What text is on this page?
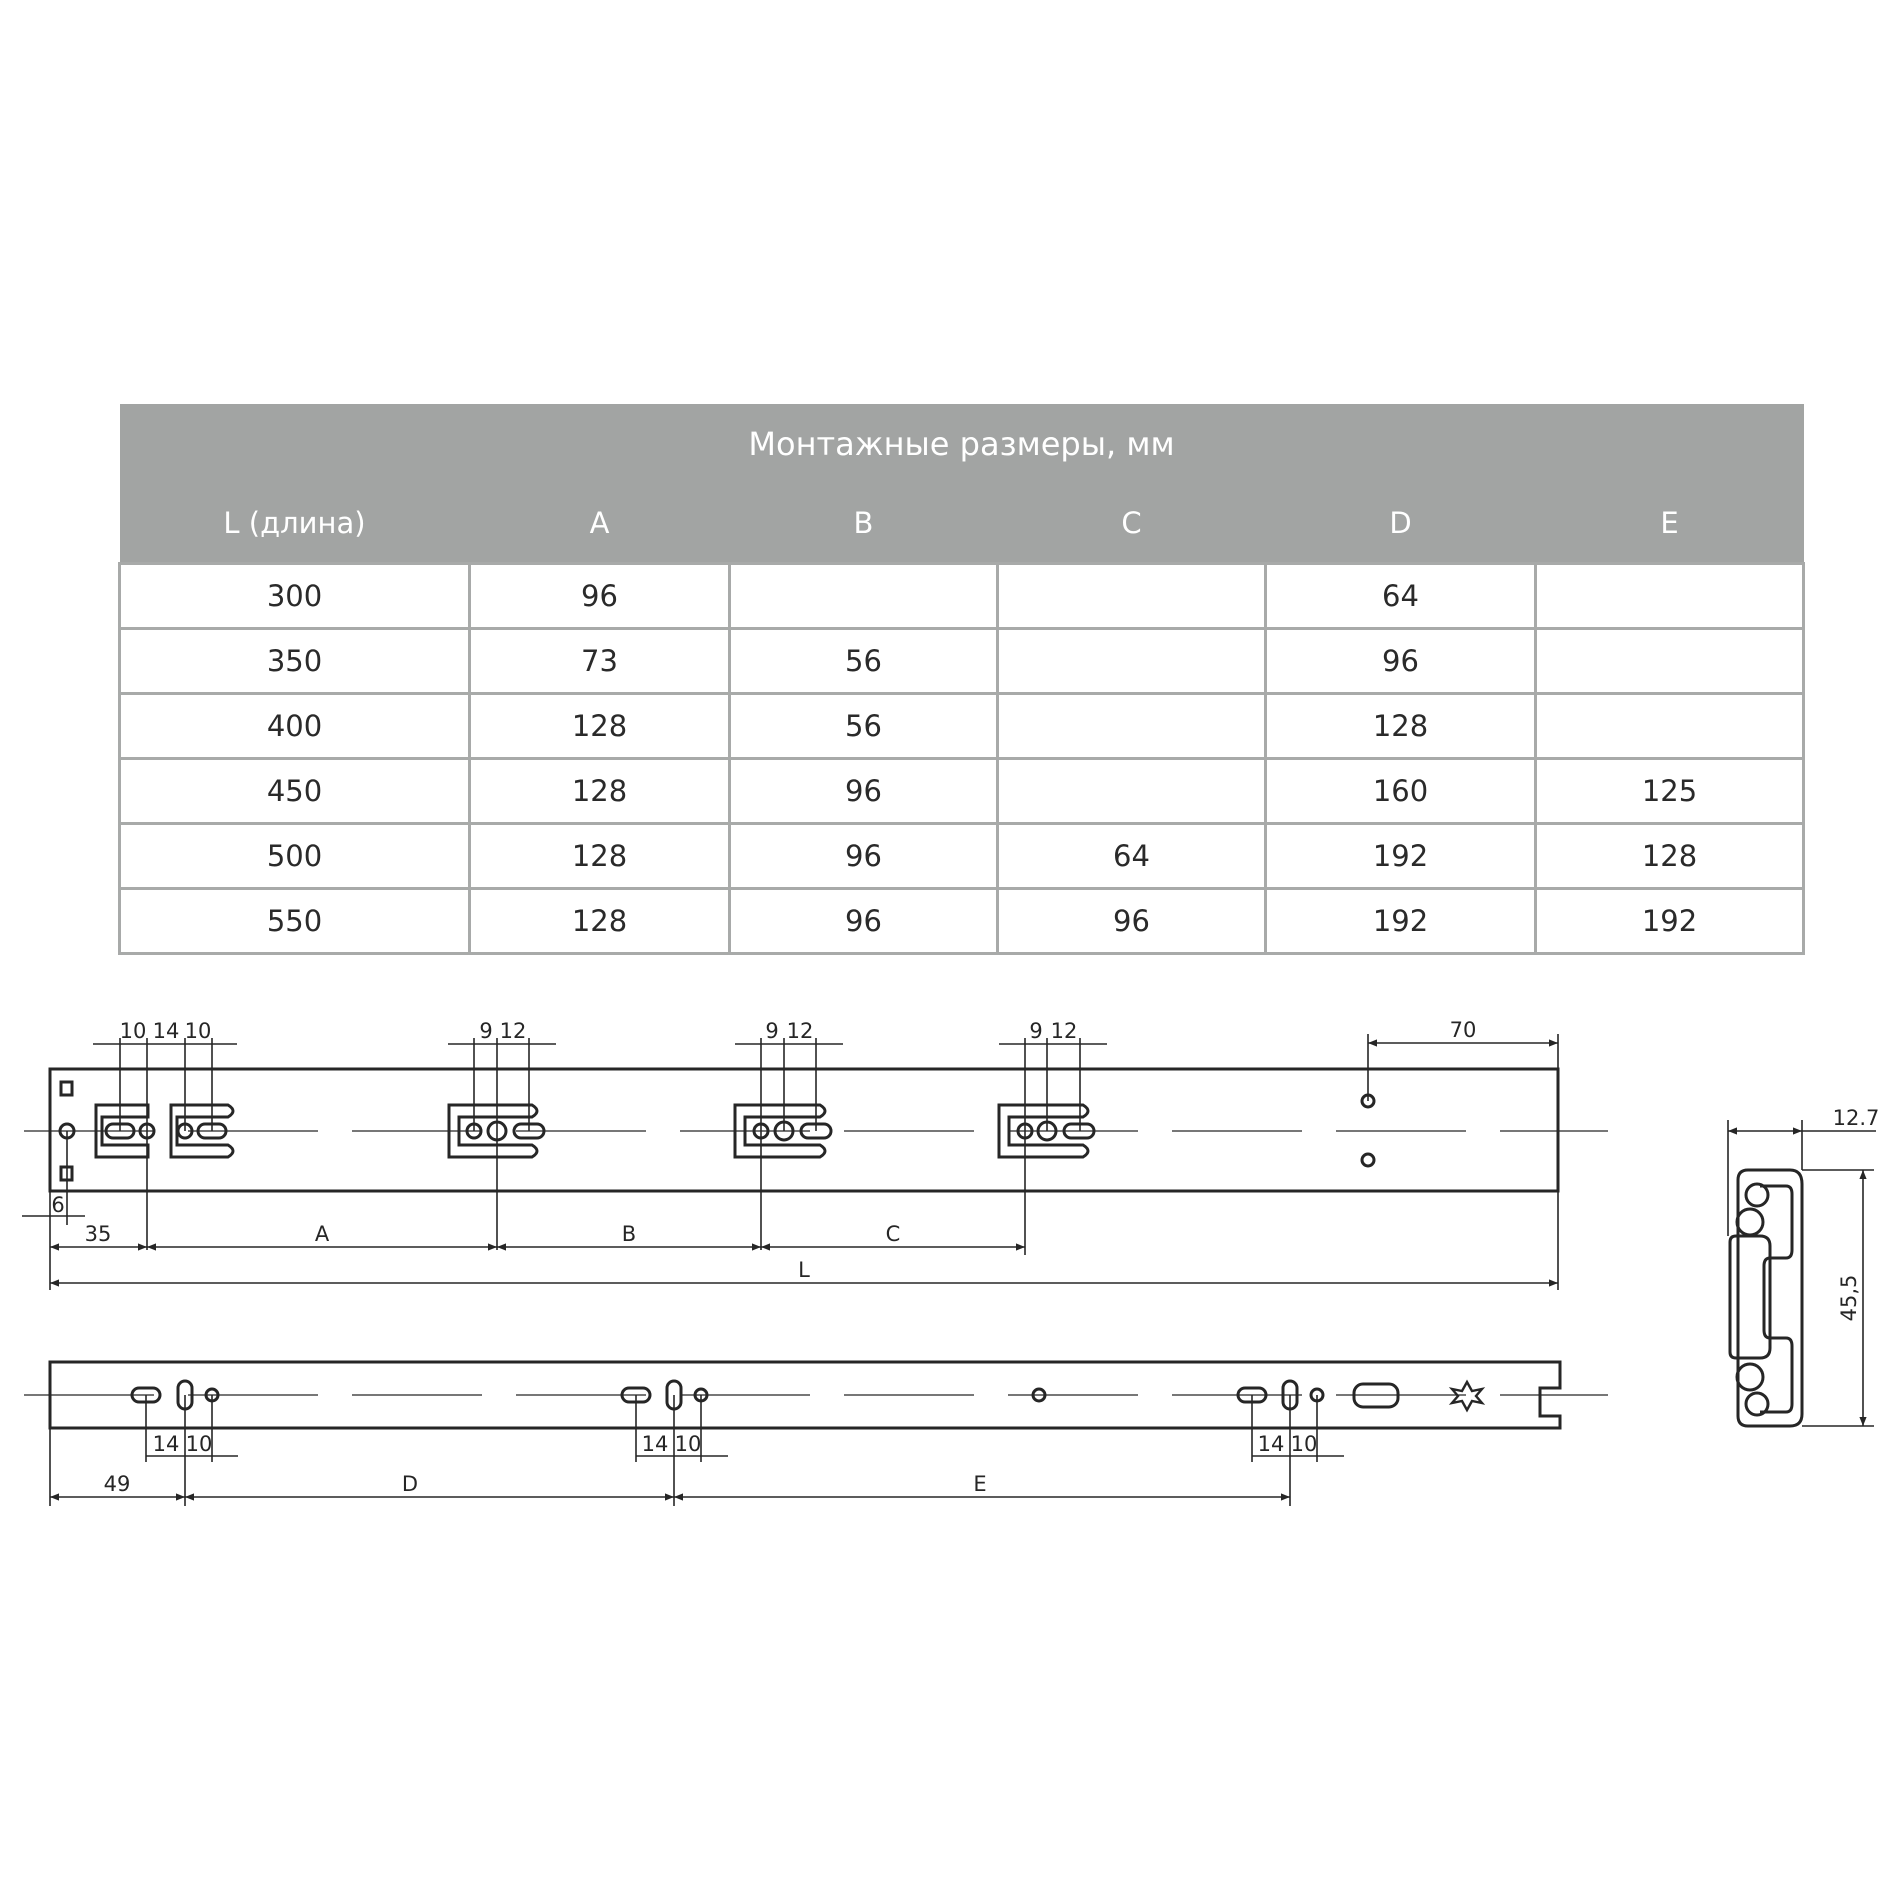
Монтажные размеры, мм					
L (длина)	A	B	C	D	E
300	96			64	
350	73	56		96	
400	128	56		128	
450	128	96		160	125
500	128	96	64	192	128
550	128	96	96	192	192
10 14 10	9 12	9 12	9 12	70
6
35	A	B	C
L
14 10	14 10	14 10
49	D	E
12.7
45,5
